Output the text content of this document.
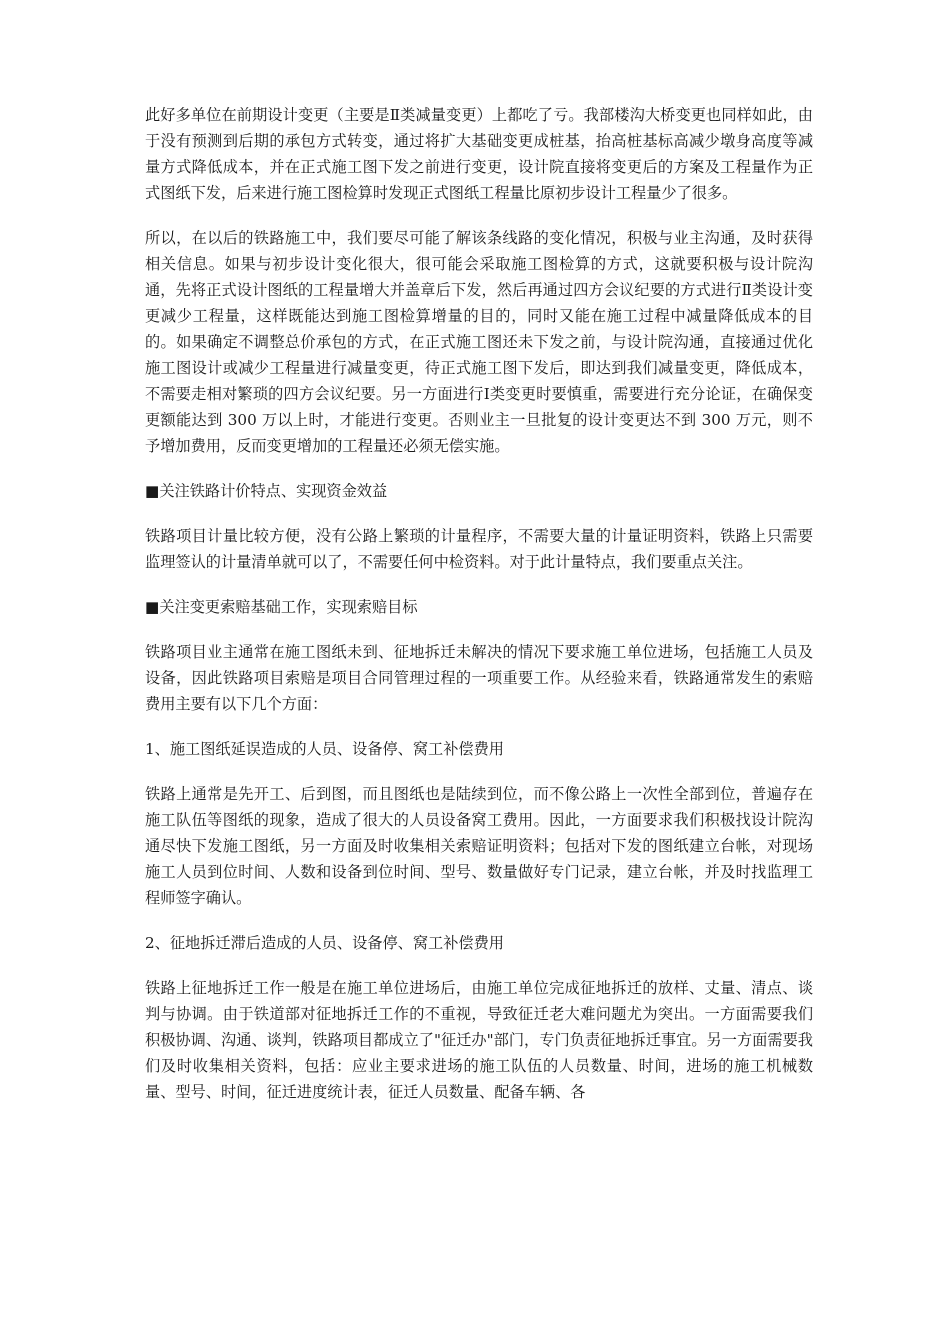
此好多单位在前期设计变更（主要是Ⅱ类减量变更）上都吃了亏。我部楼沟大桥变更也同样如此，由于没有预测到后期的承包方式转变，通过将扩大基础变更成桩基，抬高桩基标高减少墩身高度等减量方式降低成本，并在正式施工图下发之前进行变更，设计院直接将变更后的方案及工程量作为正式图纸下发，后来进行施工图检算时发现正式图纸工程量比原初步设计工程量少了很多。

所以，在以后的铁路施工中，我们要尽可能了解该条线路的变化情况，积极与业主沟通，及时获得相关信息。如果与初步设计变化很大，很可能会采取施工图检算的方式，这就要积极与设计院沟通，先将正式设计图纸的工程量增大并盖章后下发，然后再通过四方会议纪要的方式进行Ⅱ类设计变更减少工程量，这样既能达到施工图检算增量的目的，同时又能在施工过程中减量降低成本的目的。如果确定不调整总价承包的方式，在正式施工图还未下发之前，与设计院沟通，直接通过优化施工图设计或减少工程量进行减量变更，待正式施工图下发后，即达到我们减量变更，降低成本，不需要走相对繁琐的四方会议纪要。另一方面进行Ⅰ类变更时要慎重，需要进行充分论证，在确保变更额能达到 300 万以上时，才能进行变更。否则业主一旦批复的设计变更达不到 300 万元，则不予增加费用，反而变更增加的工程量还必须无偿实施。

■关注铁路计价特点、实现资金效益

铁路项目计量比较方便，没有公路上繁琐的计量程序，不需要大量的计量证明资料，铁路上只需要监理签认的计量清单就可以了，不需要任何中检资料。对于此计量特点，我们要重点关注。

■关注变更索赔基础工作，实现索赔目标

铁路项目业主通常在施工图纸未到、征地拆迁未解决的情况下要求施工单位进场，包括施工人员及设备，因此铁路项目索赔是项目合同管理过程的一项重要工作。从经验来看，铁路通常发生的索赔费用主要有以下几个方面：

1、施工图纸延误造成的人员、设备停、窝工补偿费用

铁路上通常是先开工、后到图，而且图纸也是陆续到位，而不像公路上一次性全部到位，普遍存在施工队伍等图纸的现象，造成了很大的人员设备窝工费用。因此，一方面要求我们积极找设计院沟通尽快下发施工图纸，另一方面及时收集相关索赔证明资料；包括对下发的图纸建立台帐，对现场施工人员到位时间、人数和设备到位时间、型号、数量做好专门记录，建立台帐，并及时找监理工程师签字确认。

2、征地拆迁滞后造成的人员、设备停、窝工补偿费用

铁路上征地拆迁工作一般是在施工单位进场后，由施工单位完成征地拆迁的放样、丈量、清点、谈判与协调。由于铁道部对征地拆迁工作的不重视，导致征迁老大难问题尤为突出。一方面需要我们积极协调、沟通、谈判，铁路项目都成立了"征迁办"部门，专门负责征地拆迁事宜。另一方面需要我们及时收集相关资料，包括：应业主要求进场的施工队伍的人员数量、时间，进场的施工机械数量、型号、时间，征迁进度统计表，征迁人员数量、配备车辆、各
